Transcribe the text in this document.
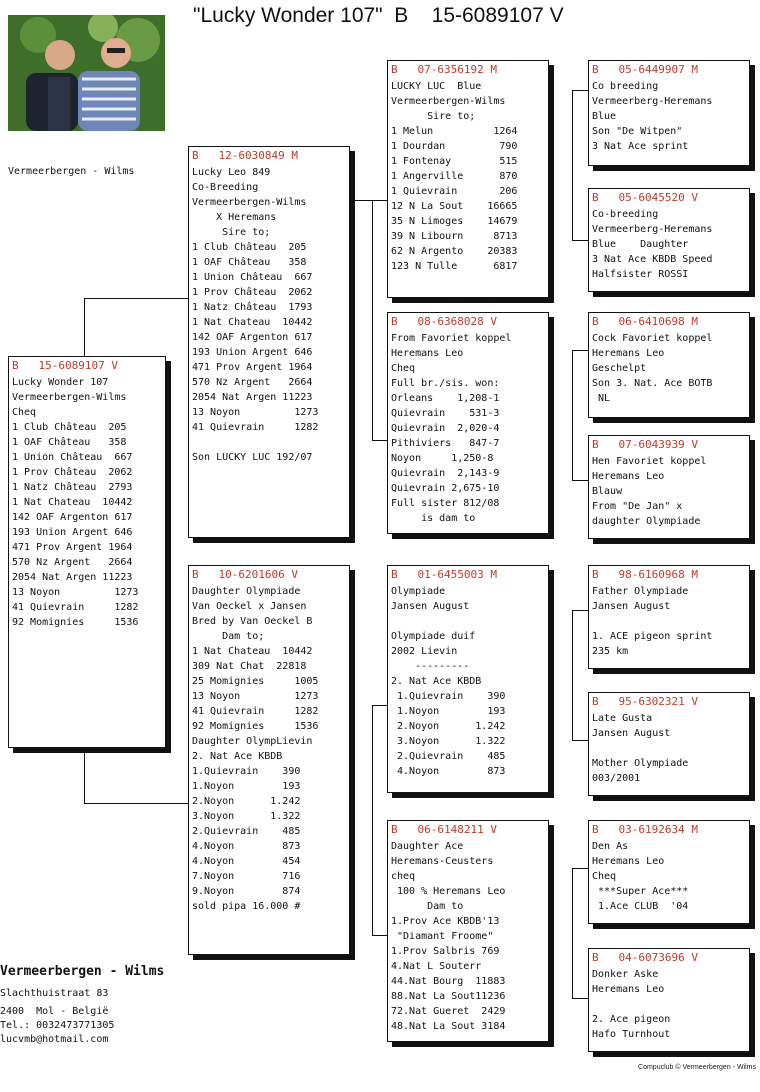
"Lucky Wonder 107"  B    15-6089107 V
Vermeerbergen - Wilms
B   15-6089107 V
Lucky Wonder 107
Vermeerbergen-Wilms
Cheq
1 Club Château  205
1 OAF Château   358
1 Union Château  667
1 Prov Château  2062
1 Natz Château  2793
1 Nat Chateau  10442
142 OAF Argenton 617
193 Union Argent 646
471 Prov Argent 1964
570 Nz Argent   2664
2054 Nat Argen 11223
13 Noyon         1273
41 Quievrain     1282
92 Momignies     1536
B   12-6030849 M
Lucky Leo 849
Co-Breeding
Vermeerbergen-Wilms
X Heremans
Sire to;
1 Club Château  205
1 OAF Château   358
1 Union Château  667
1 Prov Château  2062
1 Natz Château  1793
1 Nat Chateau  10442
142 OAF Argenton 617
193 Union Argent 646
471 Prov Argent 1964
570 Nz Argent   2664
2054 Nat Argen 11223
13 Noyon         1273
41 Quievrain     1282
Son LUCKY LUC 192/07
B   10-6201606 V
Daughter Olympiade
Van Oeckel x Jansen
Bred by Van Oeckel B
Dam to;
1 Nat Chateau  10442
309 Nat Chat  22818
25 Momignies     1005
13 Noyon         1273
41 Quievrain     1282
92 Momignies     1536
Daughter OlympLievin
2. Nat Ace KBDB
1.Quievrain    390
1.Noyon        193
2.Noyon      1.242
3.Noyon      1.322
2.Quievrain    485
4.Noyon        873
4.Noyon        454
7.Noyon        716
9.Noyon        874
sold pipa 16.000 #
B   07-6356192 M
LUCKY LUC  Blue
Vermeerbergen-Wilms
Sire to;
1 Melun          1264
1 Dourdan         790
1 Fontenay        515
1 Angerville      870
1 Quievrain       206
12 N La Sout    16665
35 N Limoges    14679
39 N Libourn     8713
62 N Argento    20383
123 N Tulle      6817
B   08-6368028 V
From Favoriet koppel
Heremans Leo
Cheq
Full br./sis. won:
Orleans    1,208-1
Quievrain    531-3
Quievrain  2,020-4
Pithiviers   847-7
Noyon     1,250-8
Quievrain  2,143-9
Quievrain 2,675-10
Full sister 812/08
is dam to
B   01-6455003 M
Olympiade
Jansen August
Olympiade duif
2002 Lievin
---------
2. Nat Ace KBDB
1.Quievrain    390
1.Noyon        193
2.Noyon      1.242
3.Noyon      1.322
2.Quievrain    485
4.Noyon        873
B   06-6148211 V
Daughter Ace
Heremans-Ceusters
cheq
100 % Heremans Leo
Dam to
1.Prov Ace KBDB'13
"Diamant Froome"
1.Prov Salbris 769
4.Nat L Souterr
44.Nat Bourg  11883
88.Nat La Sout11236
72.Nat Gueret  2429
48.Nat La Sout 3184
B   05-6449907 M
Co breeding
Vermeerberg-Heremans
Blue
Son "De Witpen"
3 Nat Ace sprint
B   05-6045520 V
Co-breeding
Vermeerberg-Heremans
Blue    Daughter
3 Nat Ace KBDB Speed
Halfsister ROSSI
B   06-6410698 M
Cock Favoriet koppel
Heremans Leo
Geschelpt
Son 3. Nat. Ace BOTB
NL
B   07-6043939 V
Hen Favoriet koppel
Heremans Leo
Blauw
From "De Jan" x
daughter Olympiade
B   98-6160968 M
Father Olympiade
Jansen August
1. ACE pigeon sprint
235 km
B   95-6302321 V
Late Gusta
Jansen August
Mother Olympiade
003/2001
B   03-6192634 M
Den As
Heremans Leo
Cheq
***Super Ace***
1.Ace CLUB  '04
B   04-6073696 V
Donker Aske
Heremans Leo
2. Ace pigeon
Hafo Turnhout
Vermeerbergen - Wilms
Slachthuistraat 83
2400  Mol - België
Tel.: 0032473771305
lucvmb@hotmail.com
Compuclub © Vermeerbergen - Wilms
